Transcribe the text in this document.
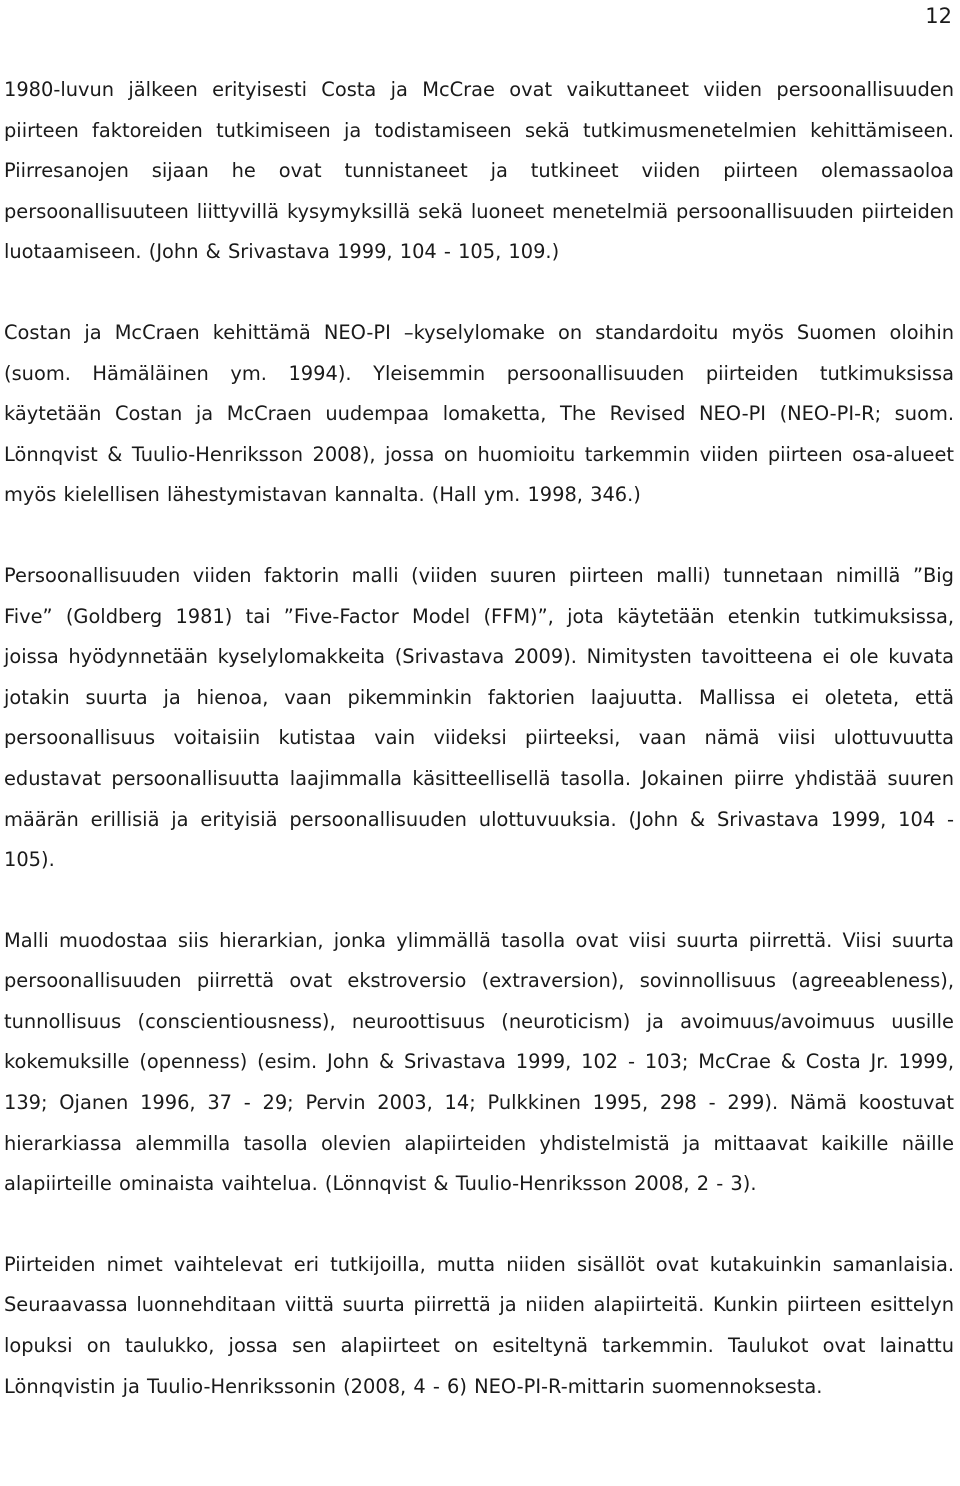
12

1980-luvun jälkeen erityisesti Costa ja McCrae ovat vaikuttaneet viiden persoonallisuuden piirteen faktoreiden tutkimiseen ja todistamiseen sekä tutkimusmenetelmien kehittämiseen. Piirresanojen sijaan he ovat tunnistaneet ja tutkineet viiden piirteen olemassaoloa persoonallisuuteen liittyvillä kysymyksillä sekä luoneet menetelmiä persoonallisuuden piirteiden luotaamiseen. (John & Srivastava 1999, 104 - 105, 109.)

Costan ja McCraen kehittämä NEO-PI –kyselylomake on standardoitu myös Suomen oloihin (suom. Hämäläinen ym. 1994). Yleisemmin persoonallisuuden piirteiden tutkimuksissa käytetään Costan ja McCraen uudempaa lomaketta, The Revised NEO-PI (NEO-PI-R; suom. Lönnqvist & Tuulio-Henriksson 2008), jossa on huomioitu tarkemmin viiden piirteen osa-alueet myös kielellisen lähestymistavan kannalta. (Hall ym. 1998, 346.)

Persoonallisuuden viiden faktorin malli (viiden suuren piirteen malli) tunnetaan nimillä ”Big Five” (Goldberg 1981) tai ”Five-Factor Model (FFM)”, jota käytetään etenkin tutkimuksissa, joissa hyödynnetään kyselylomakkeita (Srivastava 2009). Nimitysten tavoitteena ei ole kuvata jotakin suurta ja hienoa, vaan pikemminkin faktorien laajuutta. Mallissa ei oleteta, että persoonallisuus voitaisiin kutistaa vain viideksi piirteeksi, vaan nämä viisi ulottuvuutta edustavat persoonallisuutta laajimmalla käsitteellisellä tasolla. Jokainen piirre yhdistää suuren määrän erillisiä ja erityisiä persoonallisuuden ulottuvuuksia. (John & Srivastava 1999, 104 - 105).

Malli muodostaa siis hierarkian, jonka ylimmällä tasolla ovat viisi suurta piirrettä. Viisi suurta persoonallisuuden piirrettä ovat ekstroversio (extraversion), sovinnollisuus (agreeableness), tunnollisuus (conscientiousness), neuroottisuus (neuroticism) ja avoimuus/avoimuus uusille kokemuksille (openness) (esim. John & Srivastava 1999, 102 - 103; McCrae & Costa Jr. 1999, 139; Ojanen 1996, 37 - 29; Pervin 2003, 14; Pulkkinen 1995, 298 - 299). Nämä koostuvat hierarkiassa alemmilla tasolla olevien alapiirteiden yhdistelmistä ja mittaavat kaikille näille alapiirteille ominaista vaihtelua. (Lönnqvist & Tuulio-Henriksson 2008, 2 - 3).

Piirteiden nimet vaihtelevat eri tutkijoilla, mutta niiden sisällöt ovat kutakuinkin samanlaisia. Seuraavassa luonnehditaan viittä suurta piirrettä ja niiden alapiirteitä. Kunkin piirteen esittelyn lopuksi on taulukko, jossa sen alapiirteet on esiteltynä tarkemmin. Taulukot ovat lainattu Lönnqvistin ja Tuulio-Henrikssonin (2008, 4 - 6) NEO-PI-R-mittarin suomennoksesta.
